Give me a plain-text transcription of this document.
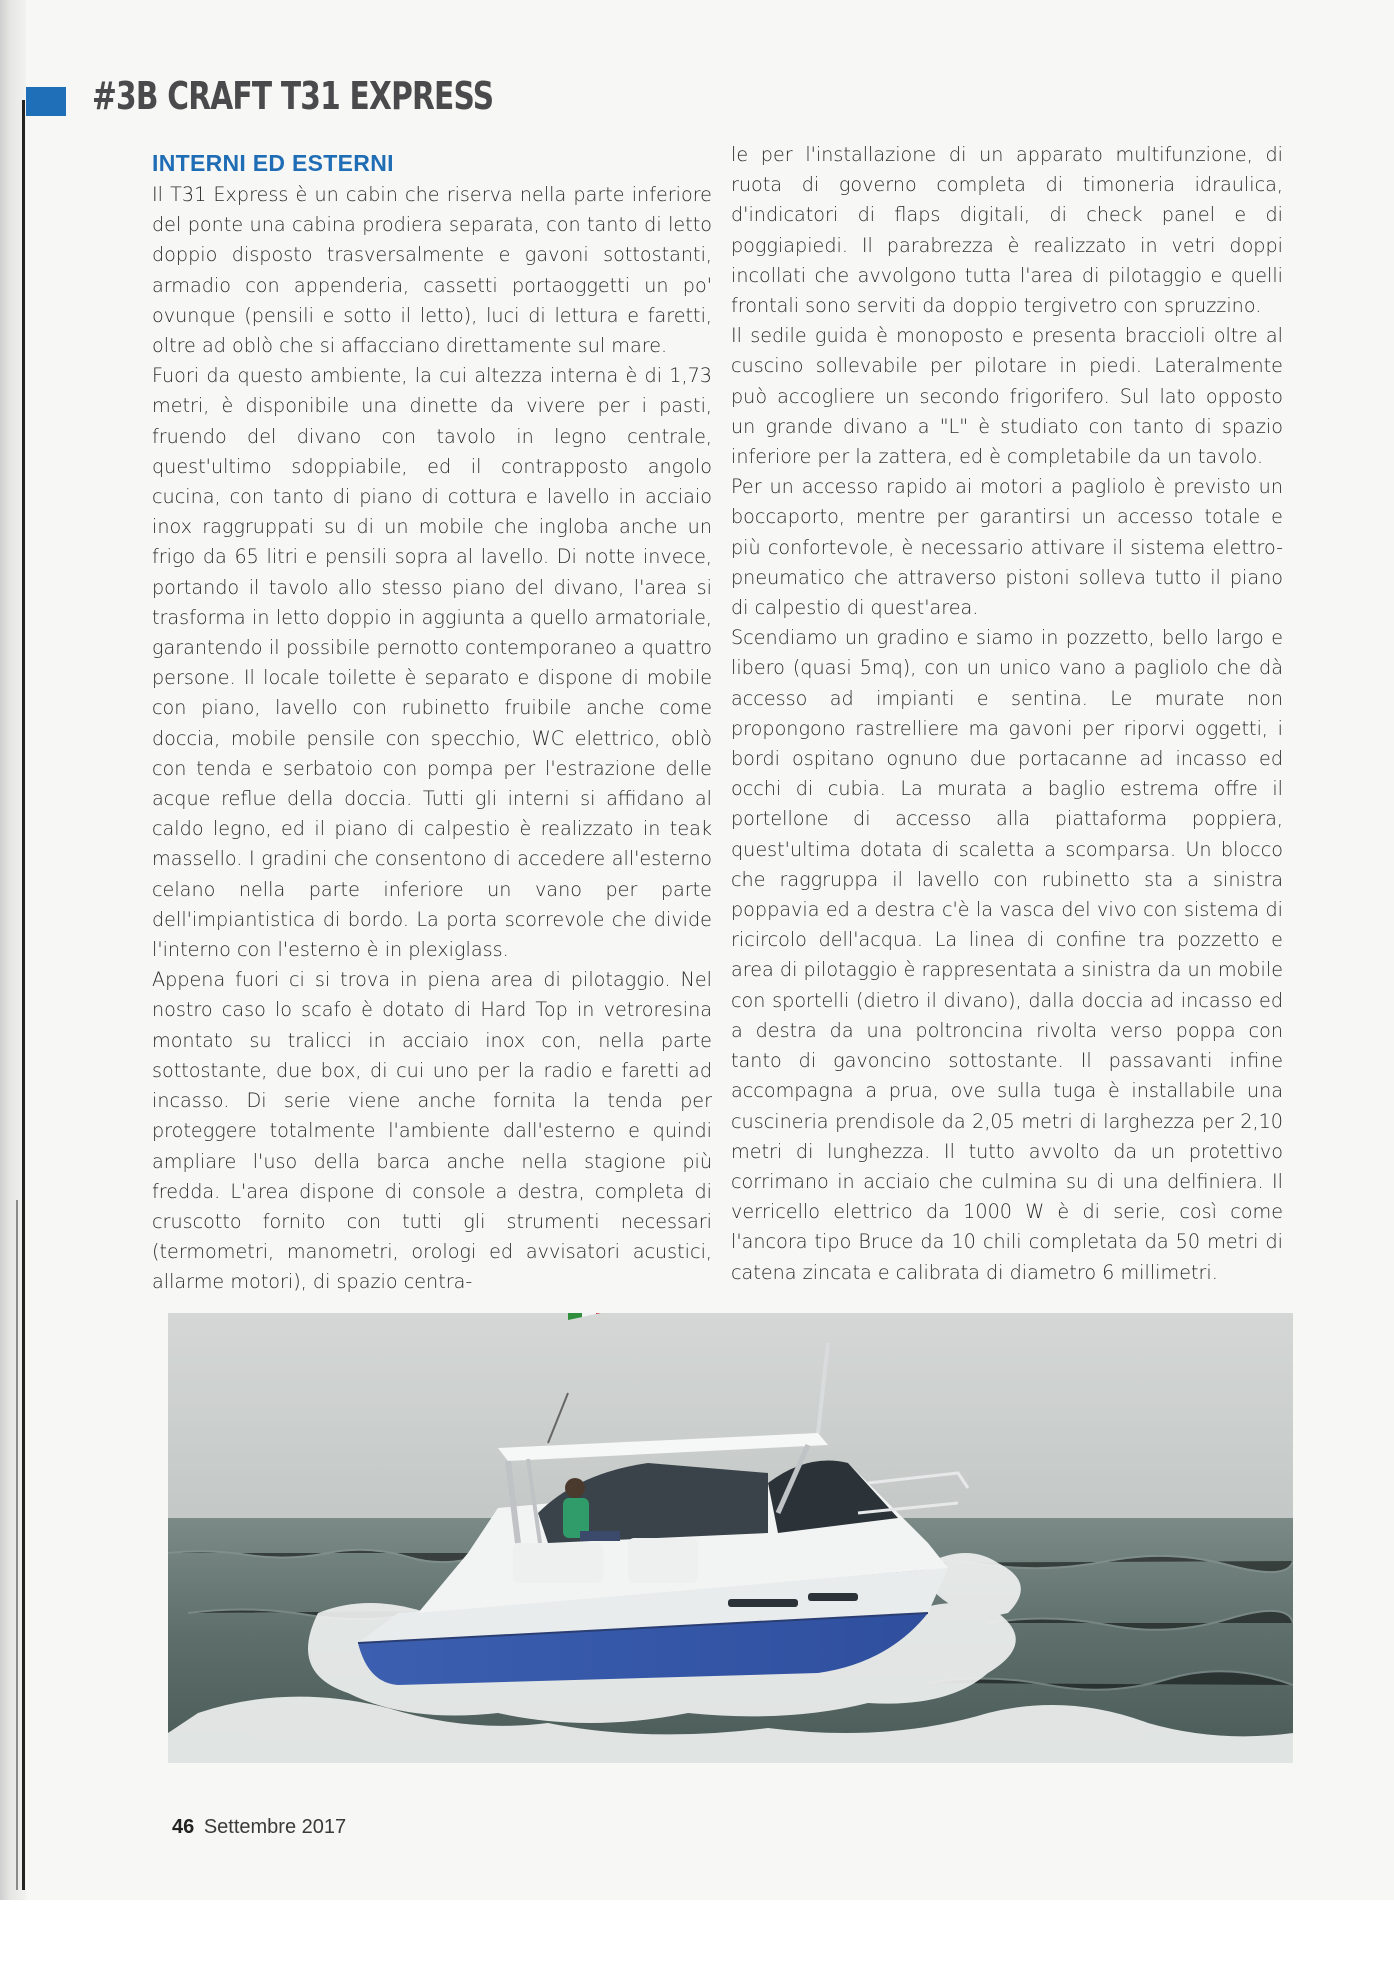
#3B CRAFT T31 EXPRESS
INTERNI ED ESTERNI

Il T31 Express è un cabin che riserva nella parte inferiore del ponte una cabina prodiera separata, con tanto di letto doppio disposto trasversalmente e gavoni sottostanti, armadio con appenderia, cassetti portaoggetti un po' ovunque (pensili e sotto il letto), luci di lettura e faretti, oltre ad oblò che si affacciano direttamente sul mare.

Fuori da questo ambiente, la cui altezza interna è di 1,73 metri, è disponibile una dinette da vivere per i pasti, fruendo del divano con tavolo in legno centrale, quest'ultimo sdoppiabile, ed il contrapposto angolo cucina, con tanto di piano di cottura e lavello in acciaio inox raggruppati su di un mobile che ingloba anche un frigo da 65 litri e pensili sopra al lavello. Di notte invece, portando il tavolo allo stesso piano del divano, l'area si trasforma in letto doppio in aggiunta a quello armatoriale, garantendo il possibile pernotto contemporaneo a quattro persone. Il locale toilette è separato e dispone di mobile con piano, lavello con rubinetto fruibile anche come doccia, mobile pensile con specchio, WC elettrico, oblò con tenda e serbatoio con pompa per l'estrazione delle acque reflue della doccia. Tutti gli interni si affidano al caldo legno, ed il piano di calpestio è realizzato in teak massello. I gradini che consentono di accedere all'esterno celano nella parte inferiore un vano per parte dell'impiantistica di bordo. La porta scorrevole che divide l'interno con l'esterno è in plexiglass.

Appena fuori ci si trova in piena area di pilotaggio. Nel nostro caso lo scafo è dotato di Hard Top in vetroresina montato su tralicci in acciaio inox con, nella parte sottostante, due box, di cui uno per la radio e faretti ad incasso. Di serie viene anche fornita la tenda per proteggere totalmente l'ambiente dall'esterno e quindi ampliare l'uso della barca anche nella stagione più fredda. L'area dispone di console a destra, completa di cruscotto fornito con tutti gli strumenti necessari (termometri, manometri, orologi ed avvisatori acustici, allarme motori), di spazio centra-

le per l'installazione di un apparato multifunzione, di ruota di governo completa di timoneria idraulica, d'indicatori di flaps digitali, di check panel e di poggiapiedi. Il parabrezza è realizzato in vetri doppi incollati che avvolgono tutta l'area di pilotaggio e quelli frontali sono serviti da doppio tergivetro con spruzzino.

Il sedile guida è monoposto e presenta braccioli oltre al cuscino sollevabile per pilotare in piedi. Lateralmente può accogliere un secondo frigorifero. Sul lato opposto un grande divano a "L" è studiato con tanto di spazio inferiore per la zattera, ed è completabile da un tavolo.

Per un accesso rapido ai motori a pagliolo è previsto un boccaporto, mentre per garantirsi un accesso totale e più confortevole, è necessario attivare il sistema elettro-pneumatico che attraverso pistoni solleva tutto il piano di calpestio di quest'area.

Scendiamo un gradino e siamo in pozzetto, bello largo e libero (quasi 5mq), con un unico vano a pagliolo che dà accesso ad impianti e sentina. Le murate non propongono rastrelliere ma gavoni per riporvi oggetti, i bordi ospitano ognuno due portacanne ad incasso ed occhi di cubia. La murata a baglio estrema offre il portellone di accesso alla piattaforma poppiera, quest'ultima dotata di scaletta a scomparsa. Un blocco che raggruppa il lavello con rubinetto sta a sinistra poppavia ed a destra c'è la vasca del vivo con sistema di ricircolo dell'acqua. La linea di confine tra pozzetto e area di pilotaggio è rappresentata a sinistra da un mobile con sportelli (dietro il divano), dalla doccia ad incasso ed a destra da una poltroncina rivolta verso poppa con tanto di gavoncino sottostante. Il passavanti infine accompagna a prua, ove sulla tuga è installabile una cuscineria prendisole da 2,05 metri di larghezza per 2,10 metri di lunghezza. Il tutto avvolto da un protettivo corrimano in acciaio che culmina su di una delfiniera. Il verricello elettrico da 1000 W è di serie, così come l'ancora tipo Bruce da 10 chili completata da 50 metri di catena zincata e calibrata di diametro 6 millimetri.

46 Settembre 2017
